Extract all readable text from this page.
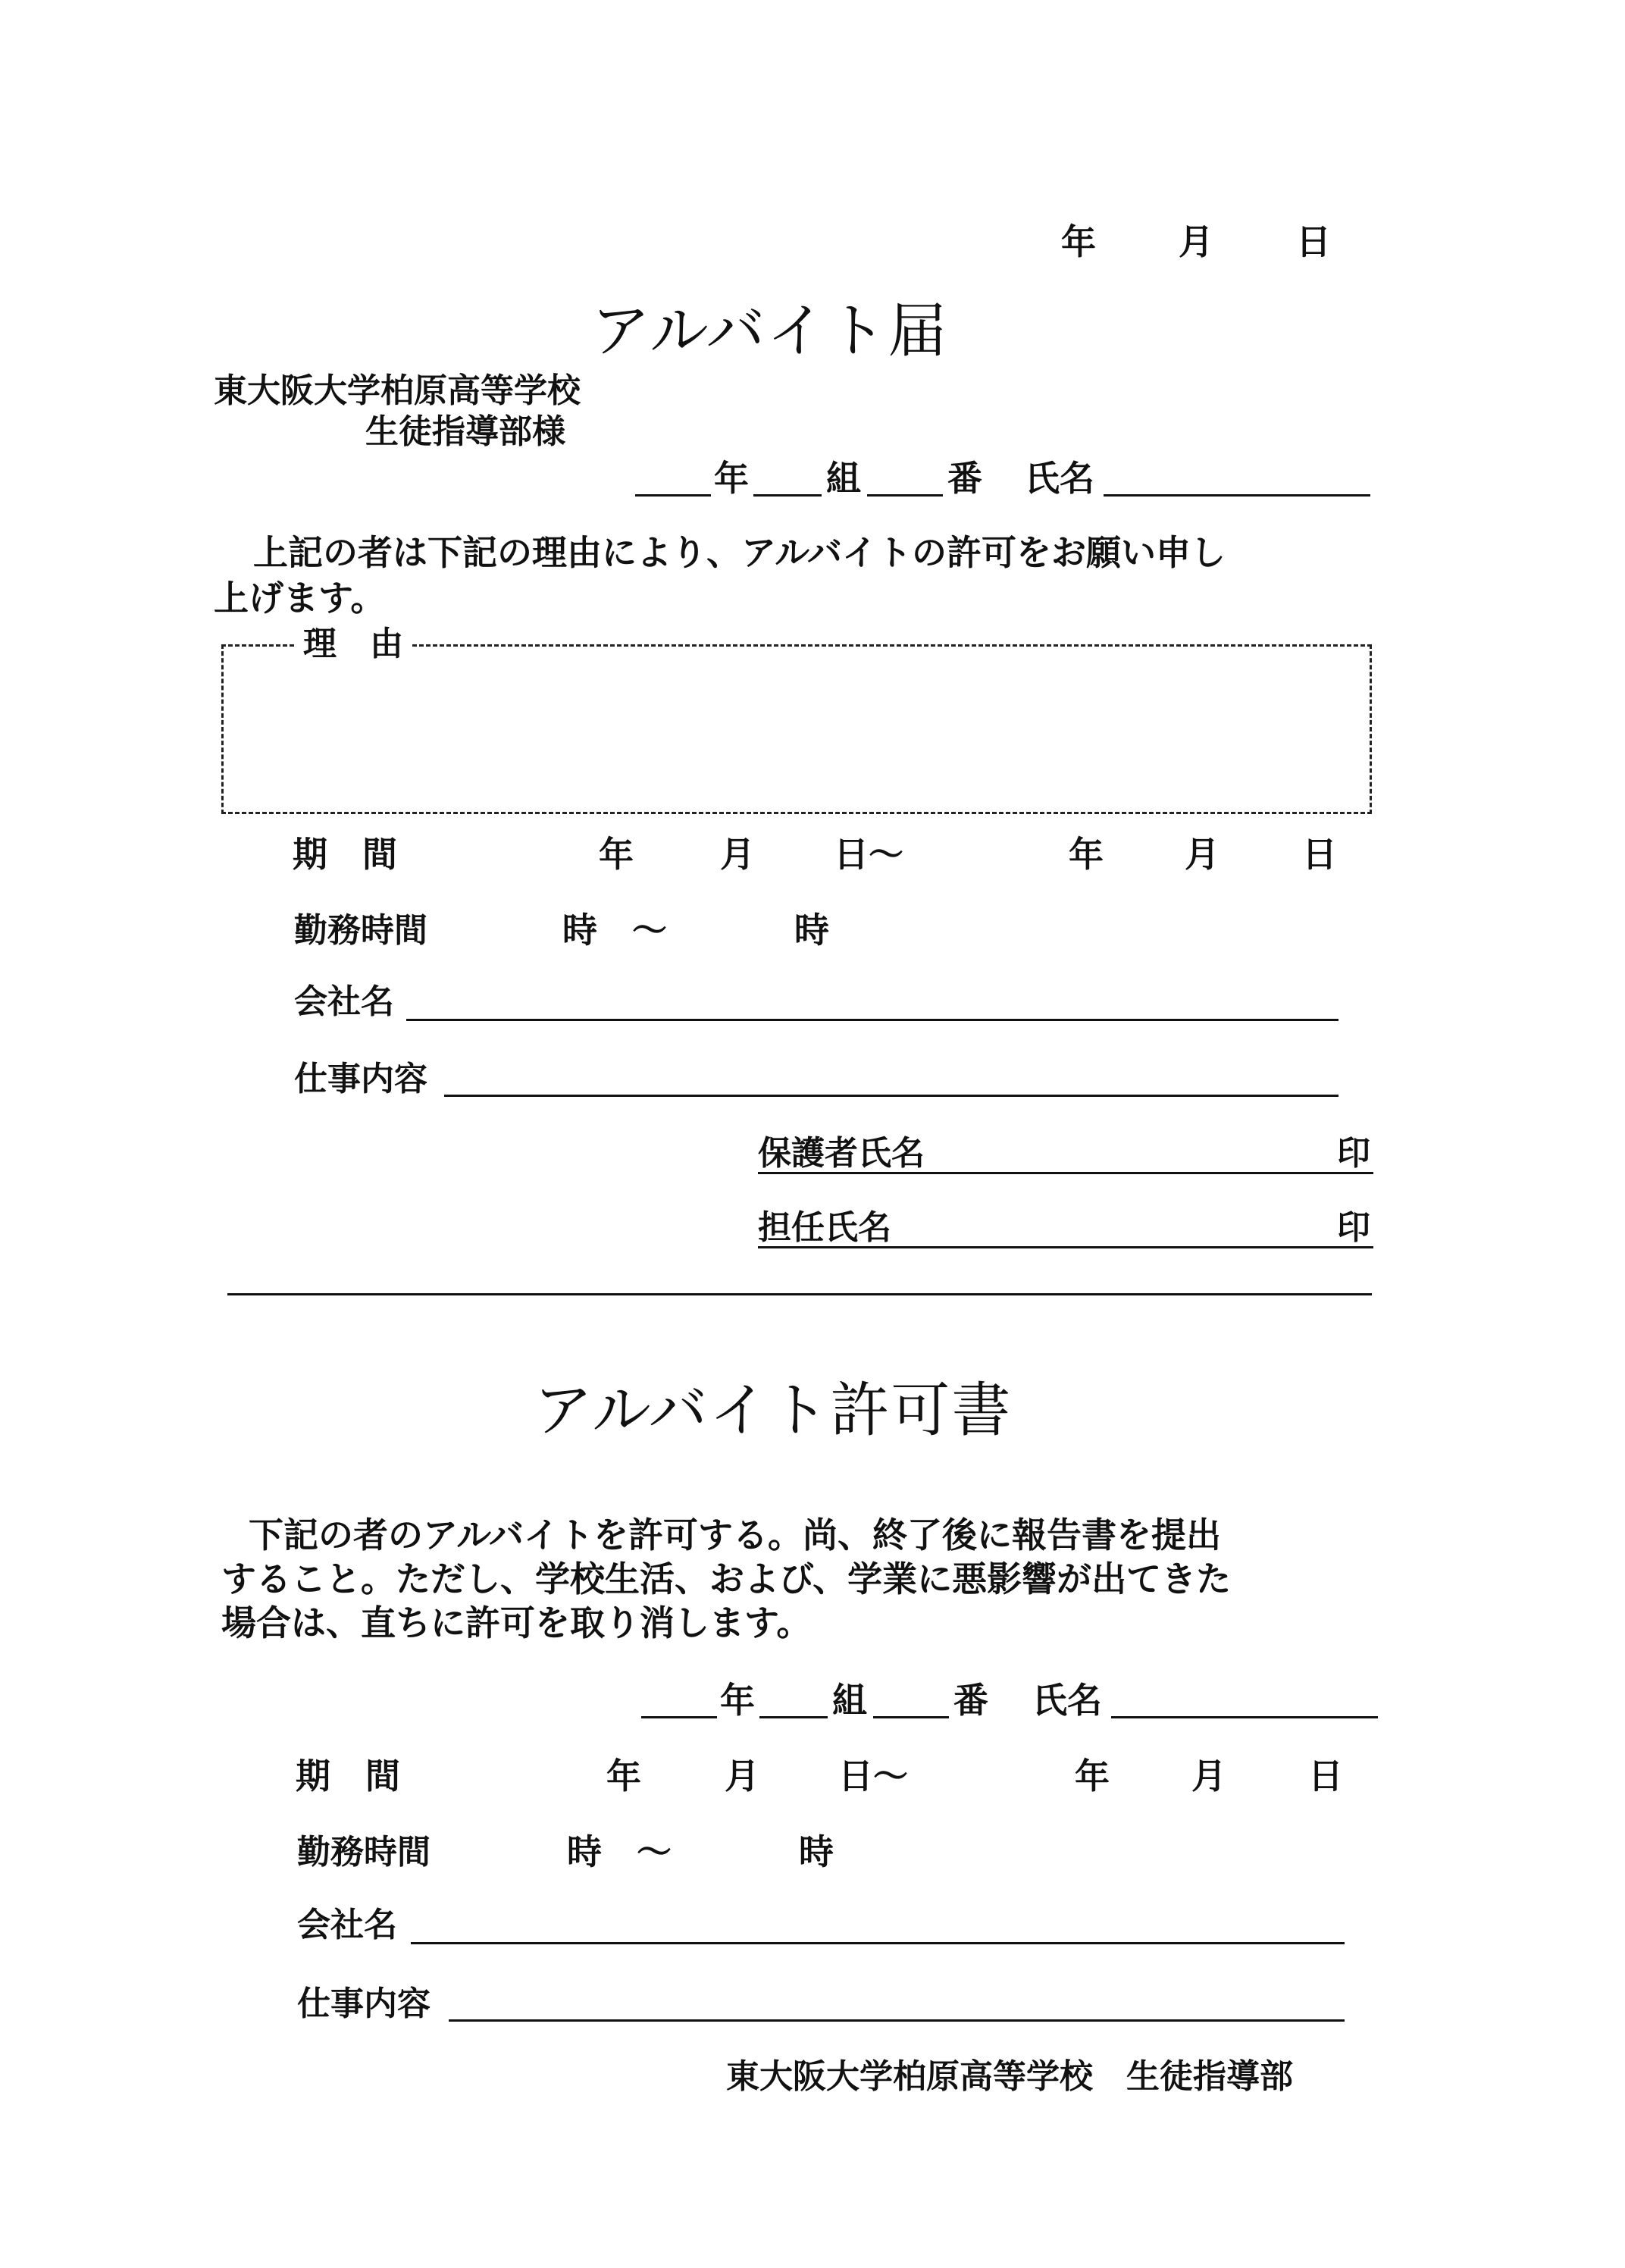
年 月 日
アルバイト届
東大阪大学柏原高等学校
生徒指導部様
年 組 番 氏名
上記の者は下記の理由により、アルバイトの許可をお願い申し
上げます。
理　由
期　間	年 月 日～	年 月 日
勤務時間	時　～	時
会社名
仕事内容
保護者氏名	印
担任氏名	印
アルバイト許可書
下記の者のアルバイトを許可する。尚、終了後に報告書を提出
すること。ただし、学校生活、および、学業に悪影響が出てきた
場合は、直ちに許可を取り消します。
年 組 番 氏名
期　間	年 月 日～	年 月 日
勤務時間	時　～	時
会社名
仕事内容
東大阪大学柏原高等学校　生徒指導部
